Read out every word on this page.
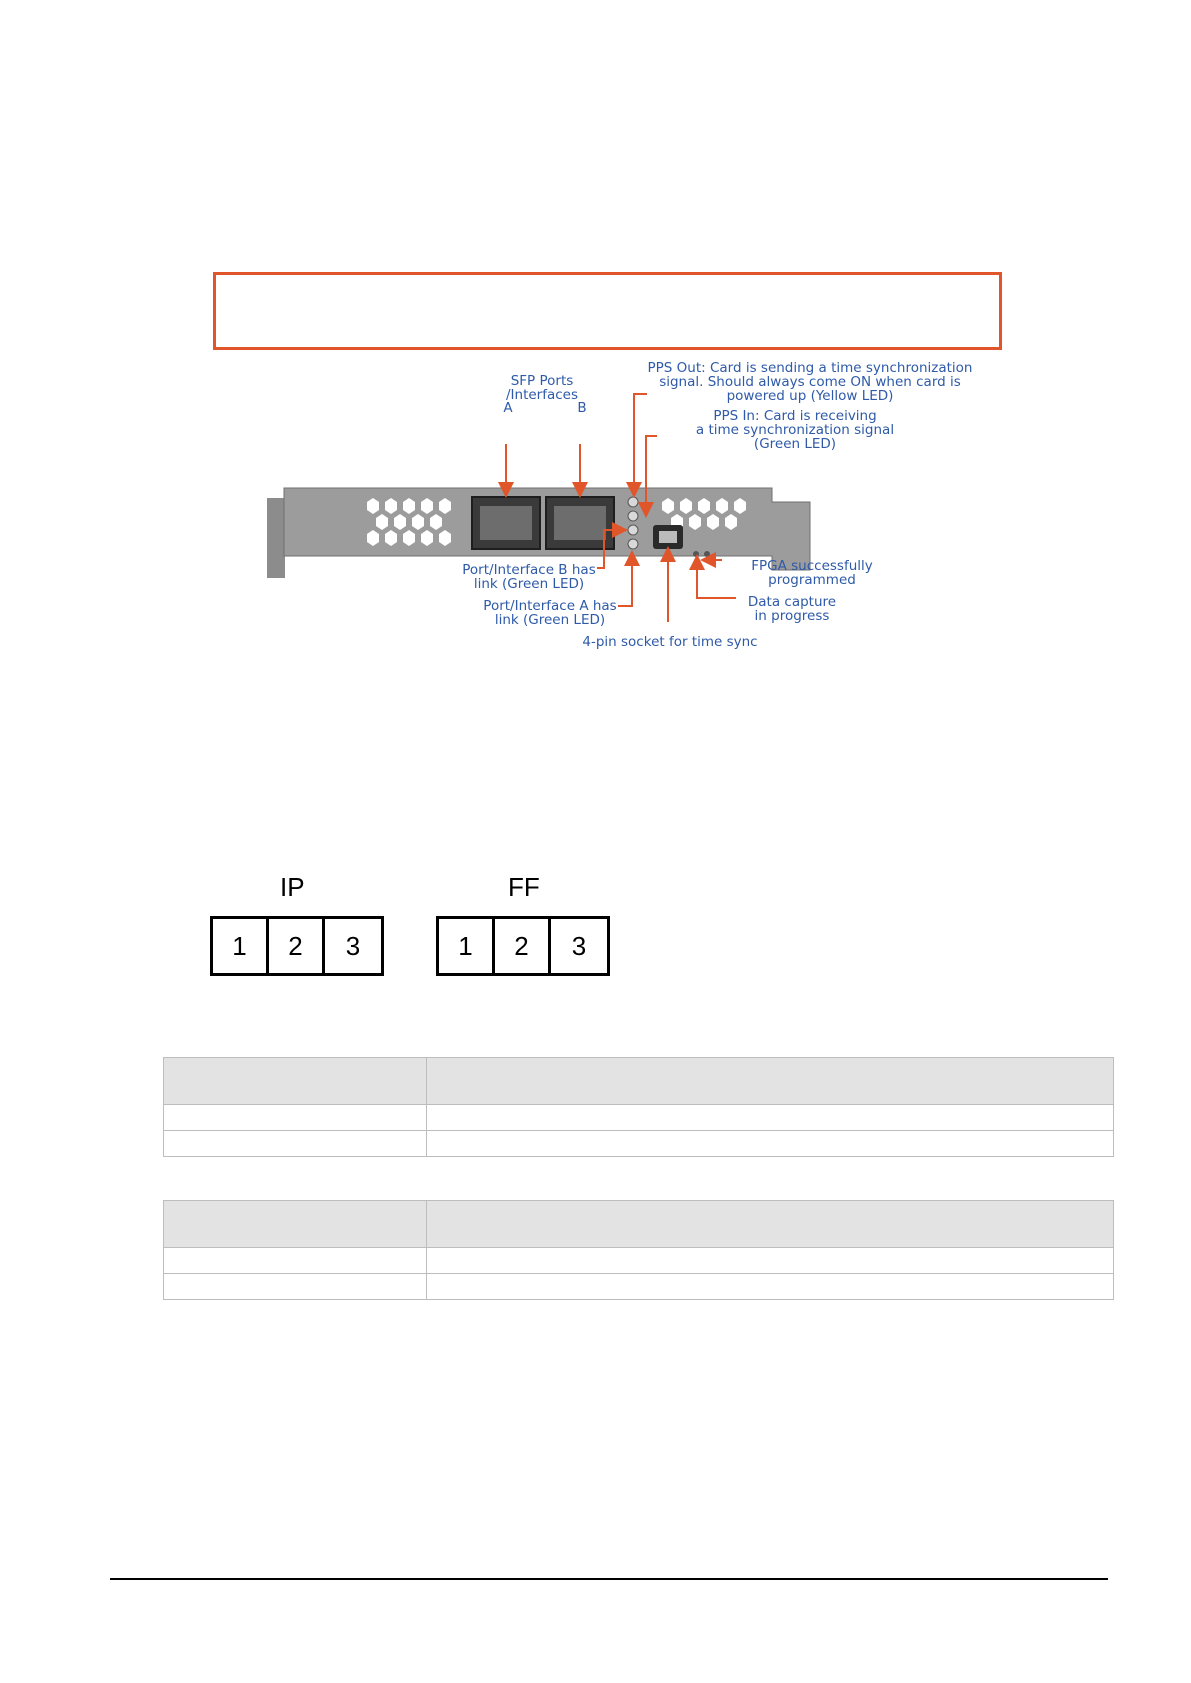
SFP Ports
/Interfaces
A	B
PPS Out: Card is sending a time synchronization
signal. Should always come ON when card is
powered up (Yellow LED)
PPS In: Card is receiving
a time synchronization signal
(Green LED)
Port/Interface B has
link (Green LED)
Port/Interface A has
link (Green LED)
4-pin socket for time sync
FPGA successfully
programmed
Data capture
in progress
IP
1	2	3
FF
1	2	3
